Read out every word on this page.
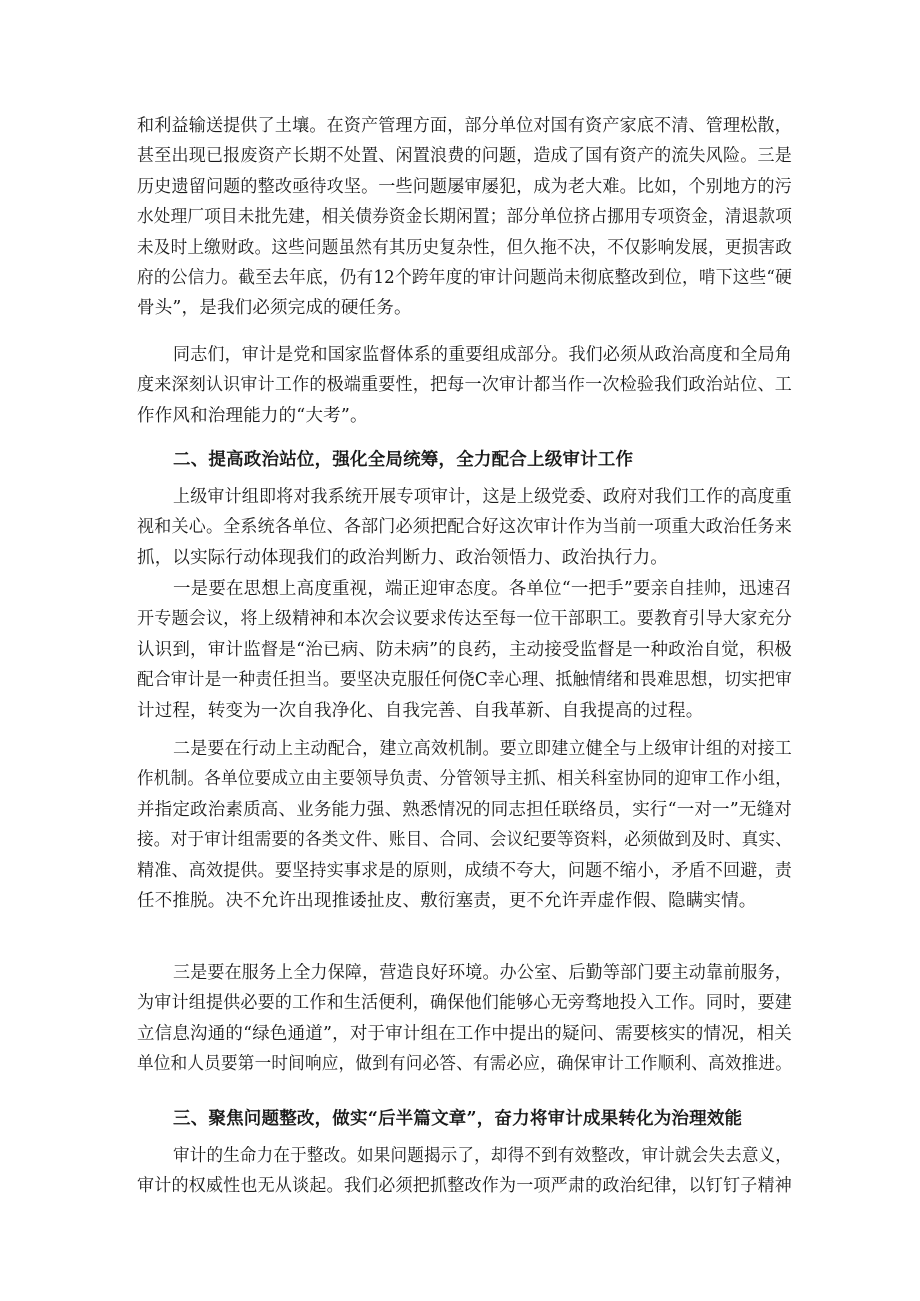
和利益输送提供了土壤。在资产管理方面，部分单位对国有资产家底不清、管理松散，
甚至出现已报废资产长期不处置、闲置浪费的问题，造成了国有资产的流失风险。三是
历史遗留问题的整改亟待攻坚。一些问题屡审屡犯，成为老大难。比如，个别地方的污
水处理厂项目未批先建，相关债券资金长期闲置；部分单位挤占挪用专项资金，清退款项
未及时上缴财政。这些问题虽然有其历史复杂性，但久拖不决，不仅影响发展，更损害政
府的公信力。截至去年底，仍有12个跨年度的审计问题尚未彻底整改到位，啃下这些“硬
骨头”，是我们必须完成的硬任务。
同志们，审计是党和国家监督体系的重要组成部分。我们必须从政治高度和全局角
度来深刻认识审计工作的极端重要性，把每一次审计都当作一次检验我们政治站位、工
作作风和治理能力的“大考”。
二、提高政治站位，强化全局统筹，全力配合上级审计工作
上级审计组即将对我系统开展专项审计，这是上级党委、政府对我们工作的高度重
视和关心。全系统各单位、各部门必须把配合好这次审计作为当前一项重大政治任务来
抓，以实际行动体现我们的政治判断力、政治领悟力、政治执行力。
一是要在思想上高度重视，端正迎审态度。各单位“一把手”要亲自挂帅，迅速召
开专题会议，将上级精神和本次会议要求传达至每一位干部职工。要教育引导大家充分
认识到，审计监督是“治已病、防未病”的良药，主动接受监督是一种政治自觉，积极
配合审计是一种责任担当。要坚决克服任何侥C幸心理、抵触情绪和畏难思想，切实把审
计过程，转变为一次自我净化、自我完善、自我革新、自我提高的过程。
二是要在行动上主动配合，建立高效机制。要立即建立健全与上级审计组的对接工
作机制。各单位要成立由主要领导负责、分管领导主抓、相关科室协同的迎审工作小组，
并指定政治素质高、业务能力强、熟悉情况的同志担任联络员，实行“一对一”无缝对
接。对于审计组需要的各类文件、账目、合同、会议纪要等资料，必须做到及时、真实、
精准、高效提供。要坚持实事求是的原则，成绩不夸大，问题不缩小，矛盾不回避，责
任不推脱。决不允许出现推诿扯皮、敷衍塞责，更不允许弄虚作假、隐瞒实情。
三是要在服务上全力保障，营造良好环境。办公室、后勤等部门要主动靠前服务，
为审计组提供必要的工作和生活便利，确保他们能够心无旁骛地投入工作。同时，要建
立信息沟通的“绿色通道”，对于审计组在工作中提出的疑问、需要核实的情况，相关
单位和人员要第一时间响应，做到有问必答、有需必应，确保审计工作顺利、高效推进。
三、聚焦问题整改，做实“后半篇文章”，奋力将审计成果转化为治理效能
审计的生命力在于整改。如果问题揭示了，却得不到有效整改，审计就会失去意义，
审计的权威性也无从谈起。我们必须把抓整改作为一项严肃的政治纪律，以钉钉子精神
